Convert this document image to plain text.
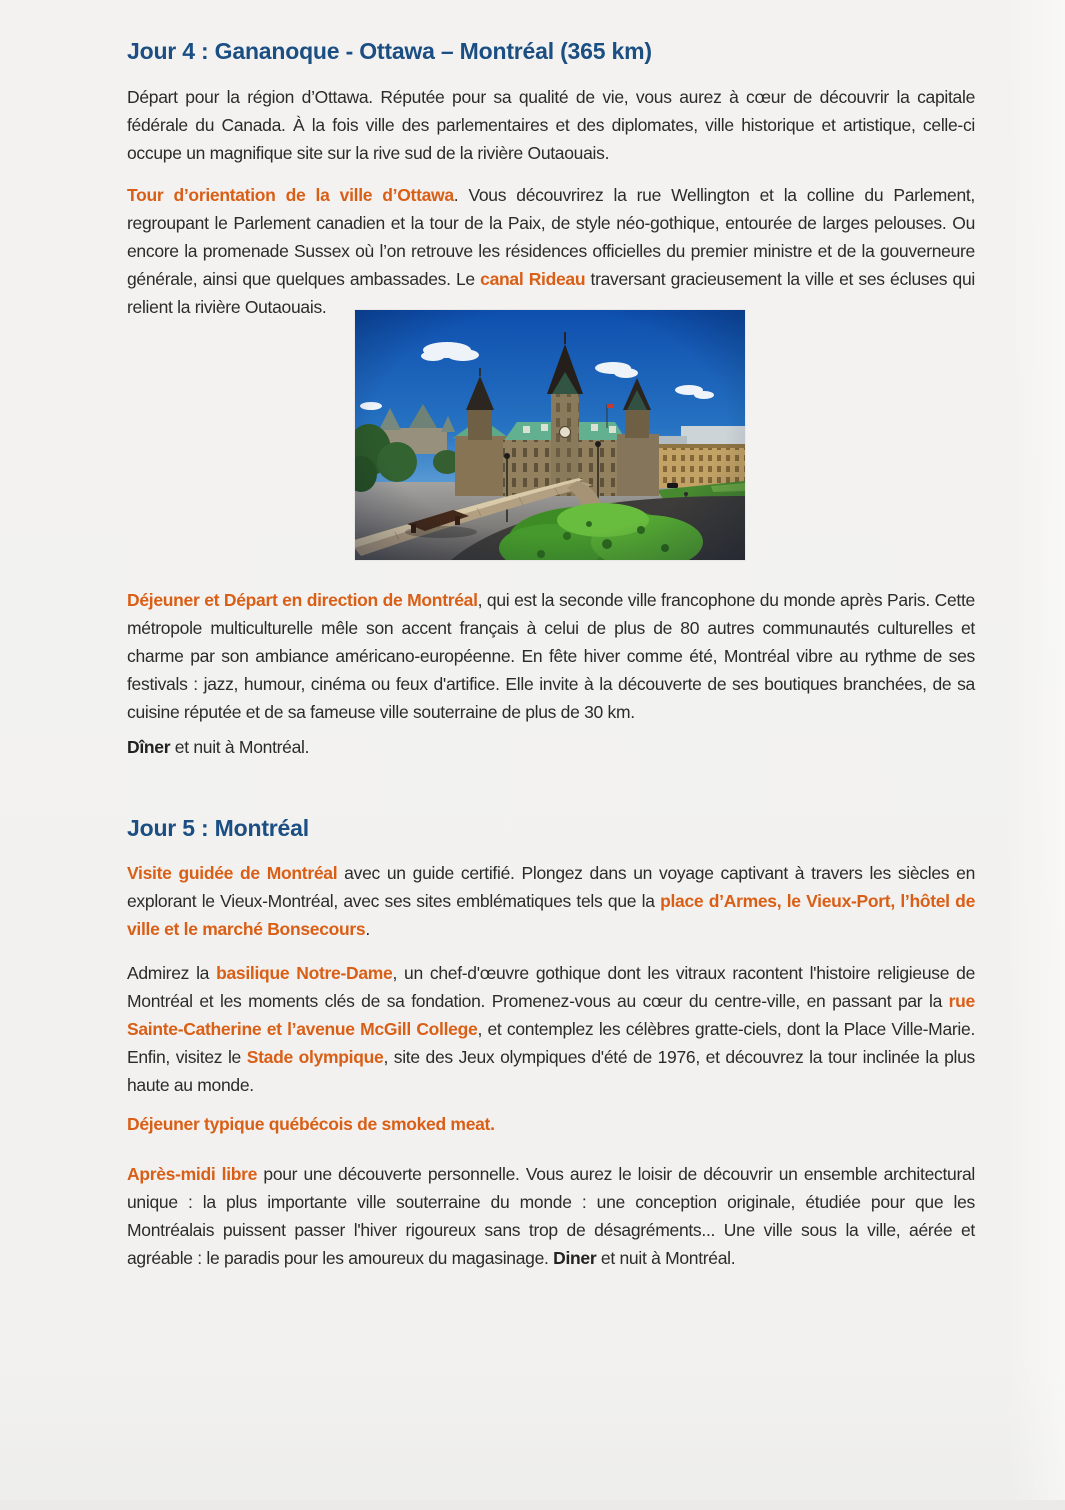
Jour 4 : Gananoque - Ottawa – Montréal (365 km)

Départ pour la région d’Ottawa. Réputée pour sa qualité de vie, vous aurez à cœur de découvrir la capitale fédérale du Canada. À la fois ville des parlementaires et des diplomates, ville historique et artistique, celle-ci occupe un magnifique site sur la rive sud de la rivière Outaouais.

Tour d’orientation de la ville d’Ottawa. Vous découvrirez la rue Wellington et la colline du Parlement, regroupant le Parlement canadien et la tour de la Paix, de style néo-gothique, entourée de larges pelouses. Ou encore la promenade Sussex où l’on retrouve les résidences officielles du premier ministre et de la gouverneure générale, ainsi que quelques ambassades. Le canal Rideau traversant gracieusement la ville et ses écluses qui relient la rivière Outaouais.

Déjeuner et Départ en direction de Montréal, qui est la seconde ville francophone du monde après Paris. Cette métropole multiculturelle mêle son accent français à celui de plus de 80 autres communautés culturelles et charme par son ambiance américano-européenne. En fête hiver comme été, Montréal vibre au rythme de ses festivals : jazz, humour, cinéma ou feux d'artifice. Elle invite à la découverte de ses boutiques branchées, de sa cuisine réputée et de sa fameuse ville souterraine de plus de 30 km.

Dîner et nuit à Montréal.

Jour 5 : Montréal

Visite guidée de Montréal avec un guide certifié. Plongez dans un voyage captivant à travers les siècles en explorant le Vieux-Montréal, avec ses sites emblématiques tels que la place d’Armes, le Vieux-Port, l’hôtel de ville et le marché Bonsecours.

Admirez la basilique Notre-Dame, un chef-d'œuvre gothique dont les vitraux racontent l'histoire religieuse de Montréal et les moments clés de sa fondation. Promenez-vous au cœur du centre-ville, en passant par la rue Sainte-Catherine et l’avenue McGill College, et contemplez les célèbres gratte-ciels, dont la Place Ville-Marie. Enfin, visitez le Stade olympique, site des Jeux olympiques d'été de 1976, et découvrez la tour inclinée la plus haute au monde.

Déjeuner typique québécois de smoked meat.

Après-midi libre pour une découverte personnelle. Vous aurez le loisir de découvrir un ensemble architectural unique : la plus importante ville souterraine du monde : une conception originale, étudiée pour que les Montréalais puissent passer l'hiver rigoureux sans trop de désagréments... Une ville sous la ville, aérée et agréable : le paradis pour les amoureux du magasinage. Diner et nuit à Montréal.
